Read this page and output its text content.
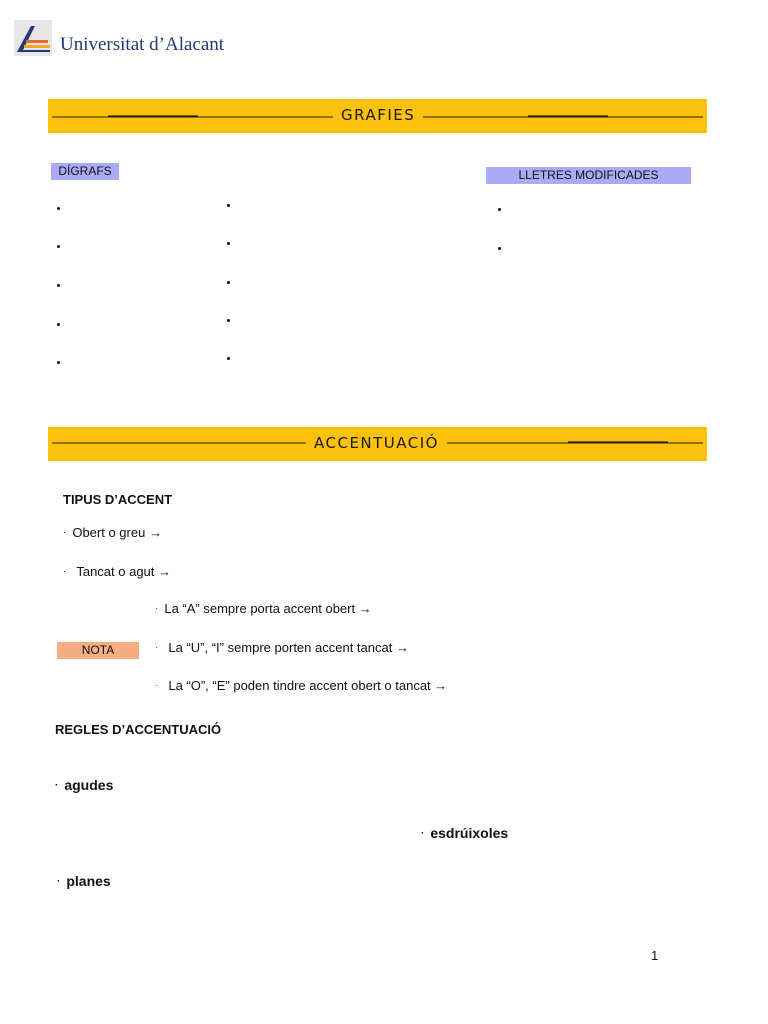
Universitat d’Alacant
GRAFIES
DÍGRAFS	LLETRES MODIFICADES
ACCENTUACIÓ
TIPUS D’ACCENT
· Obert o greu →
· Tancat o agut →
NOTA
· La “A” sempre porta accent obert →
· La “U”, “I” sempre porten accent tancat →
· La “O”, “E” poden tindre accent obert o tancat →
REGLES D’ACCENTUACIÓ
· agudes
· esdrúixoles
· planes
1
